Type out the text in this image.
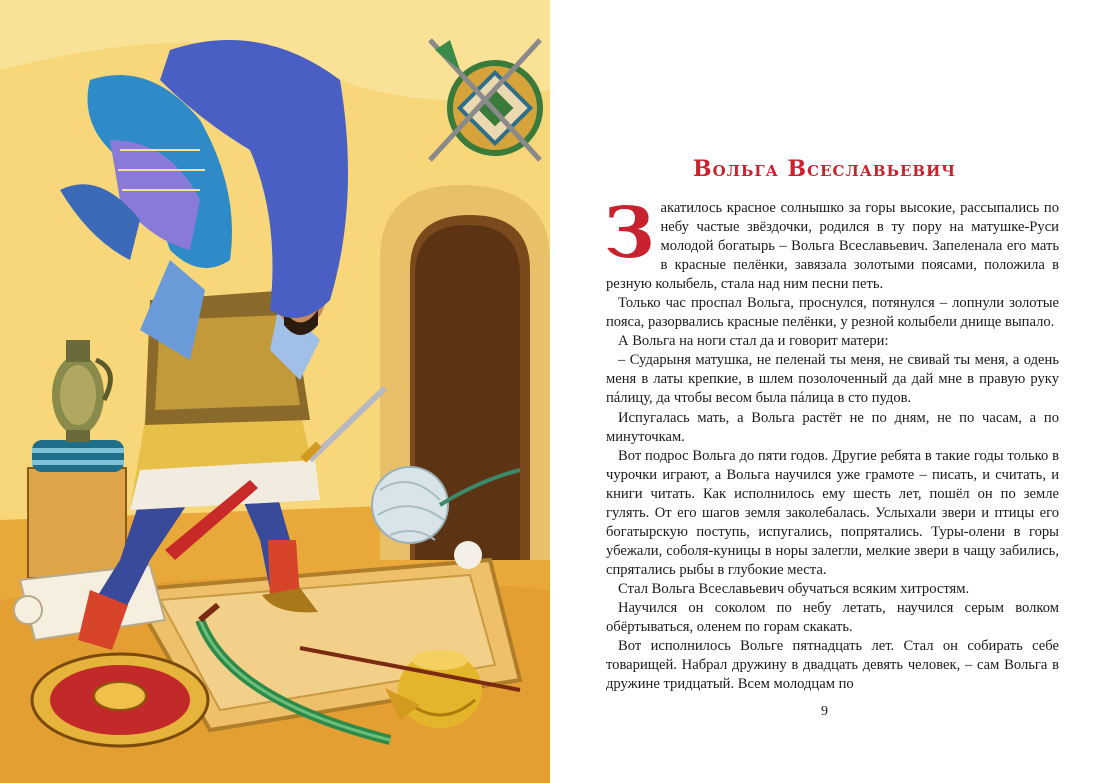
Вольга Всеславьевич

Закатилось красное солнышко за горы высокие, рассыпались по небу частые звёздочки, родился в ту пору на матушке-Руси молодой богатырь – Вольга Всеславьевич. Запеленала его мать в красные пелёнки, завязала золотыми поясами, положила в резную колыбель, стала над ним песни петь.

Только час проспал Вольга, проснулся, потянулся – лопнули золотые пояса, разорвались красные пелёнки, у резной колыбели днище выпало.

А Вольга на ноги стал да и говорит матери:

– Сударыня матушка, не пеленай ты меня, не свивай ты меня, а одень меня в латы крепкие, в шлем позолоченный да дай мне в правую руку пáлицу, да чтобы весом была пáлица в сто пудов.

Испугалась мать, а Вольга растёт не по дням, не по часам, а по минуточкам.

Вот подрос Вольга до пяти годов. Другие ребята в такие годы только в чурочки играют, а Вольга научился уже грамоте – писать, и считать, и книги читать. Как исполнилось ему шесть лет, пошёл он по земле гулять. От его шагов земля заколебалась. Услыхали звери и птицы его богатырскую поступь, испугались, попрятались. Туры-олени в горы убежали, соболя-куницы в норы залегли, мелкие звери в чащу забились, спрятались рыбы в глубокие места.

Стал Вольга Всеславьевич обучаться всяким хитростям.

Научился он соколом по небу летать, научился серым волком обёртываться, оленем по горам скакать.

Вот исполнилось Вольге пятнадцать лет. Стал он собирать себе товарищей. Набрал дружину в двадцать девять человек, – сам Вольга в дружине тридцатый. Всем молодцам по

9
